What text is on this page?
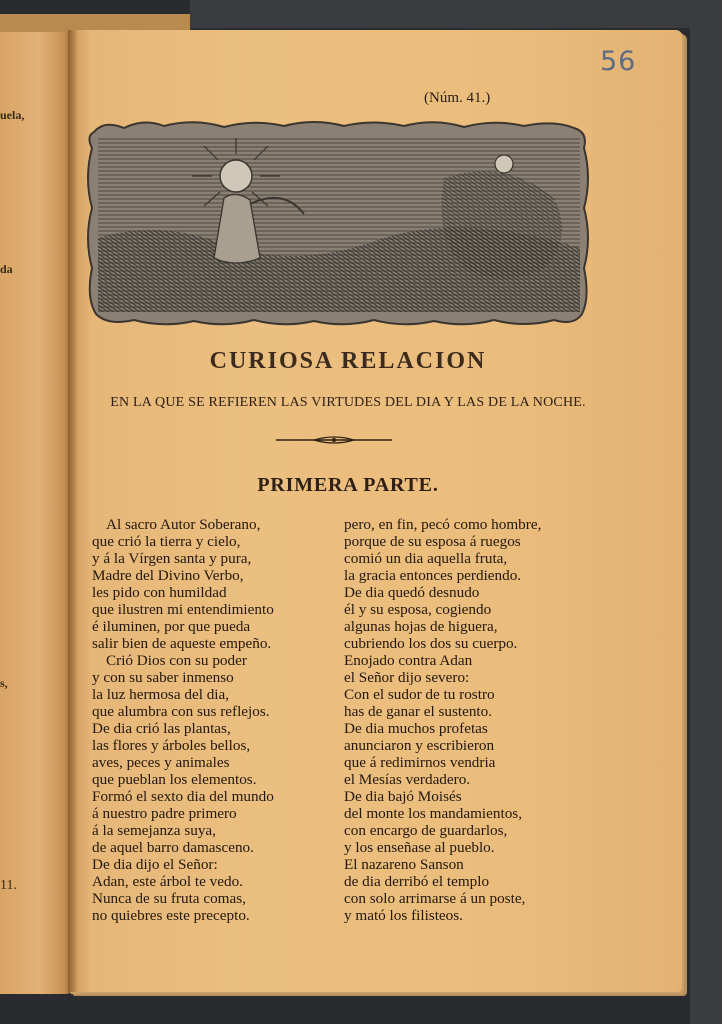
uela,
da
s,
11.
56
(Núm. 41.)
CURIOSA RELACION
EN LA QUE SE REFIEREN LAS VIRTUDES DEL DIA Y LAS DE LA NOCHE.
PRIMERA PARTE.
Al sacro Autor Soberano,
que crió la tierra y cielo,
y á la Vírgen santa y pura,
Madre del Divino Verbo,
les pido con humildad
que ilustren mi entendimiento
é iluminen, por que pueda
salir bien de aqueste empeño.
Crió Dios con su poder
y con su saber inmenso
la luz hermosa del dia,
que alumbra con sus reflejos.
De dia crió las plantas,
las flores y árboles bellos,
aves, peces y animales
que pueblan los elementos.
Formó el sexto dia del mundo
á nuestro padre primero
á la semejanza suya,
de aquel barro damasceno.
De dia dijo el Señor:
Adan, este árbol te vedo.
Nunca de su fruta comas,
no quiebres este precepto.
pero, en fin, pecó como hombre,
porque de su esposa á ruegos
comió un dia aquella fruta,
la gracia entonces perdiendo.
De dia quedó desnudo
él y su esposa, cogiendo
algunas hojas de higuera,
cubriendo los dos su cuerpo.
Enojado contra Adan
el Señor dijo severo:
Con el sudor de tu rostro
has de ganar el sustento.
De dia muchos profetas
anunciaron y escribieron
que á redimirnos vendria
el Mesías verdadero.
De dia bajó Moisés
del monte los mandamientos,
con encargo de guardarlos,
y los enseñase al pueblo.
El nazareno Sanson
de dia derribó el templo
con solo arrimarse á un poste,
y mató los filisteos.
